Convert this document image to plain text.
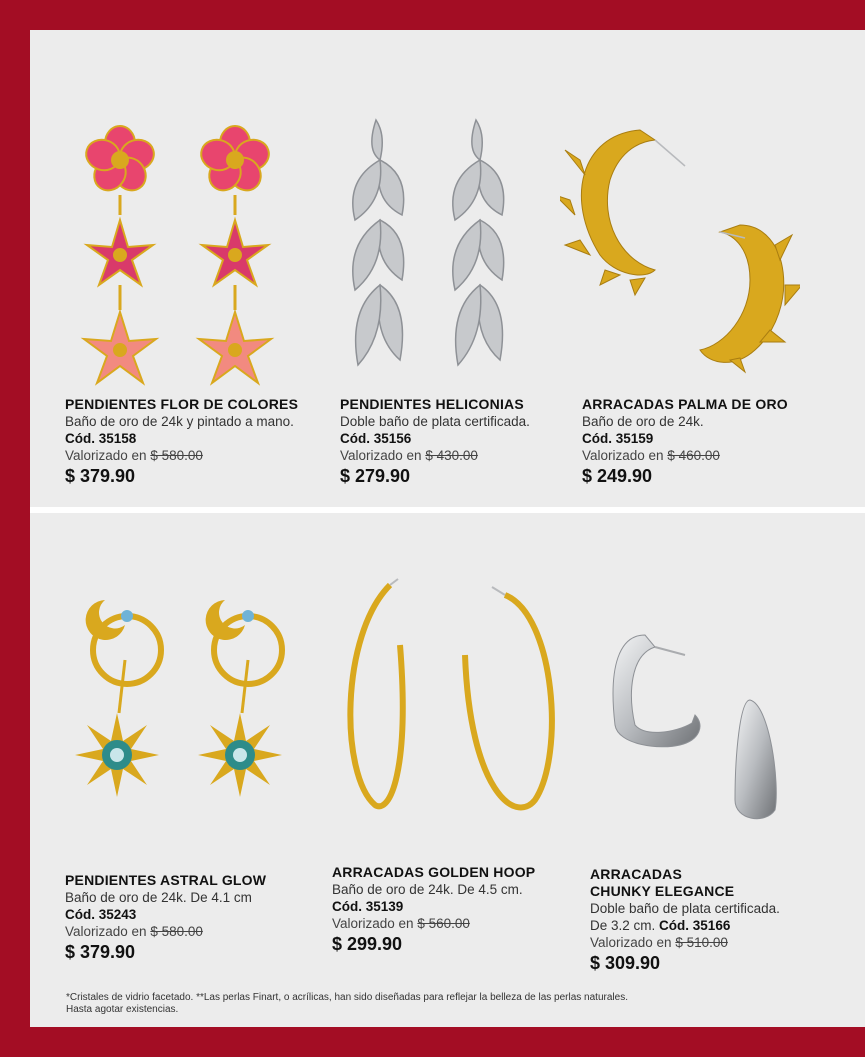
PENDIENTES FLOR DE COLORES
Baño de oro de 24k y pintado a mano.
Cód. 35158
Valorizado en $ 580.00
$ 379.90
PENDIENTES HELICONIAS
Doble baño de plata certificada.
Cód. 35156
Valorizado en $ 430.00
$ 279.90
ARRACADAS PALMA DE ORO
Baño de oro de 24k.
Cód. 35159
Valorizado en $ 460.00
$ 249.90
PENDIENTES ASTRAL GLOW
Baño de oro de 24k. De 4.1 cm
Cód. 35243
Valorizado en $ 580.00
$ 379.90
ARRACADAS GOLDEN HOOP
Baño de oro de 24k. De 4.5 cm.
Cód. 35139
Valorizado en $ 560.00
$ 299.90
ARRACADAS
CHUNKY ELEGANCE
Doble baño de plata certificada.
De 3.2 cm. Cód. 35166
Valorizado en $ 510.00
$ 309.90
*Cristales de vidrio facetado. **Las perlas Finart, o acrílicas, han sido diseñadas para reflejar la belleza de las perlas naturales.
Hasta agotar existencias.
